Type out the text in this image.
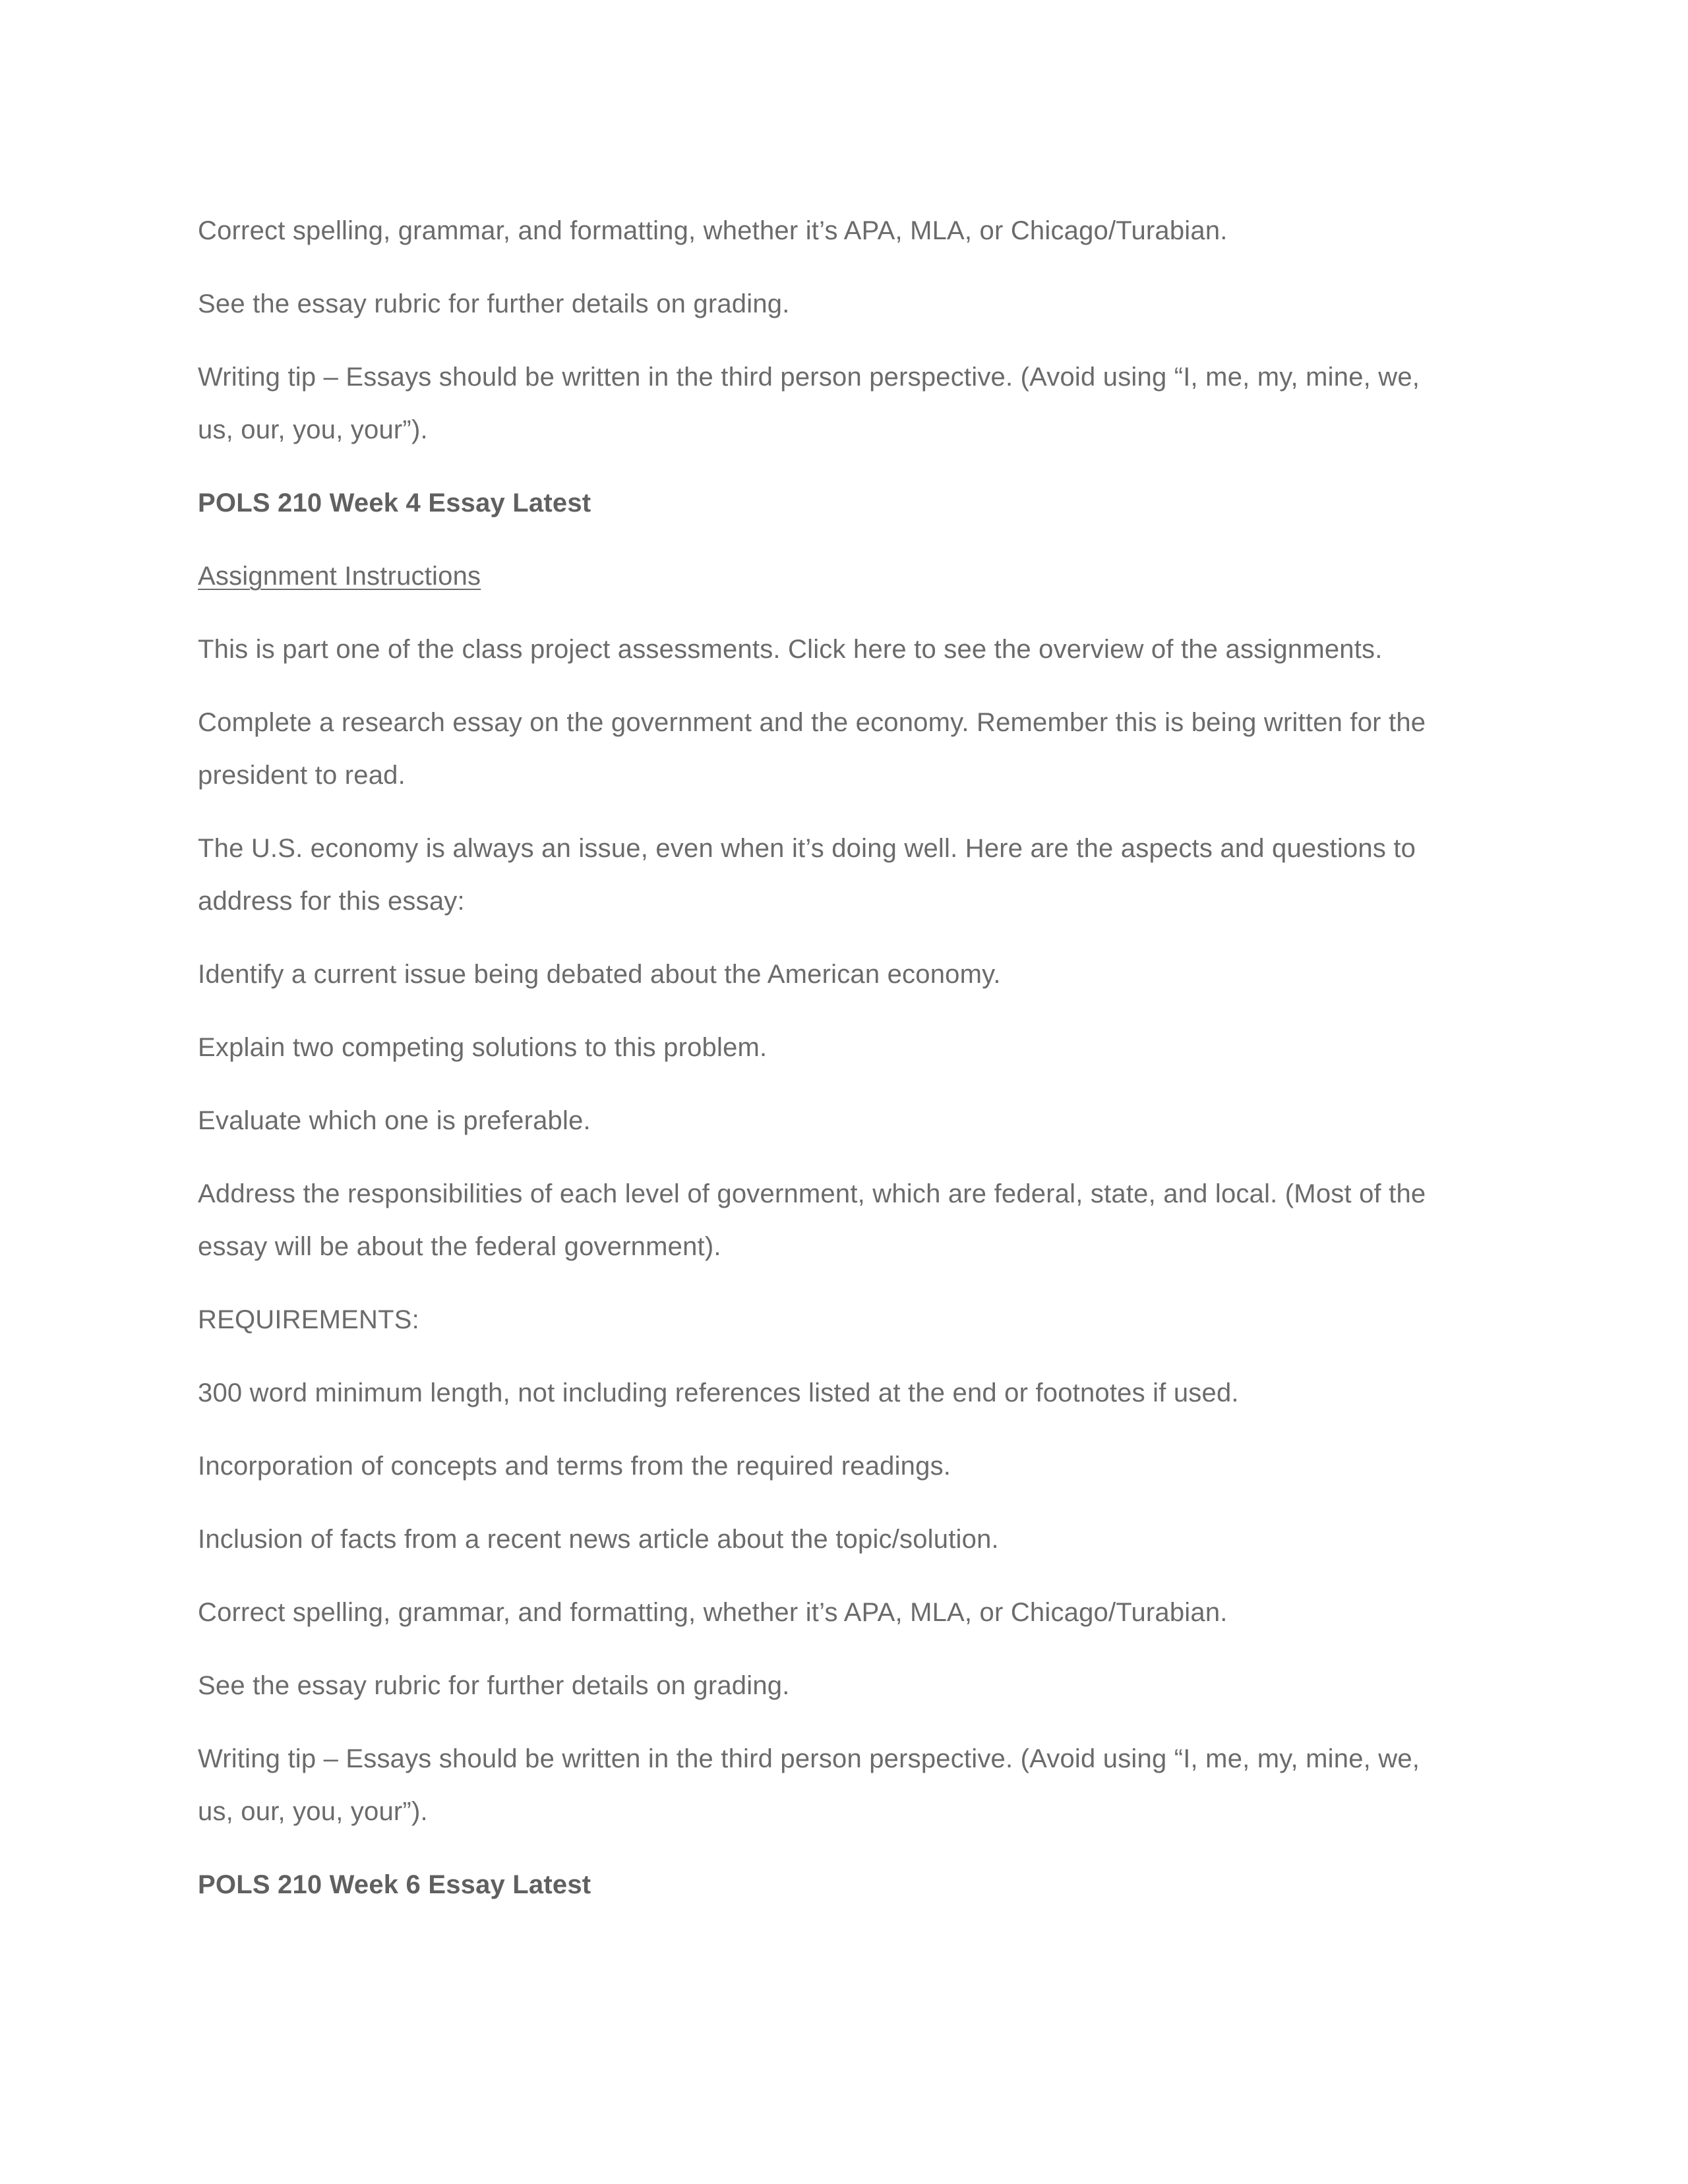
Correct spelling, grammar, and formatting, whether it’s APA, MLA, or Chicago/Turabian.

See the essay rubric for further details on grading.

Writing tip – Essays should be written in the third person perspective. (Avoid using “I, me, my, mine, we,

us, our, you, your”).

POLS 210 Week 4 Essay Latest

Assignment Instructions

This is part one of the class project assessments. Click here to see the overview of the assignments.

Complete a research essay on the government and the economy. Remember this is being written for the

president to read.

The U.S. economy is always an issue, even when it’s doing well. Here are the aspects and questions to

address for this essay:

Identify a current issue being debated about the American economy.

Explain two competing solutions to this problem.

Evaluate which one is preferable.

Address the responsibilities of each level of government, which are federal, state, and local. (Most of the

essay will be about the federal government).

REQUIREMENTS:

300 word minimum length, not including references listed at the end or footnotes if used.

Incorporation of concepts and terms from the required readings.

Inclusion of facts from a recent news article about the topic/solution.

Correct spelling, grammar, and formatting, whether it’s APA, MLA, or Chicago/Turabian.

See the essay rubric for further details on grading.

Writing tip – Essays should be written in the third person perspective. (Avoid using “I, me, my, mine, we,

us, our, you, your”).

POLS 210 Week 6 Essay Latest
